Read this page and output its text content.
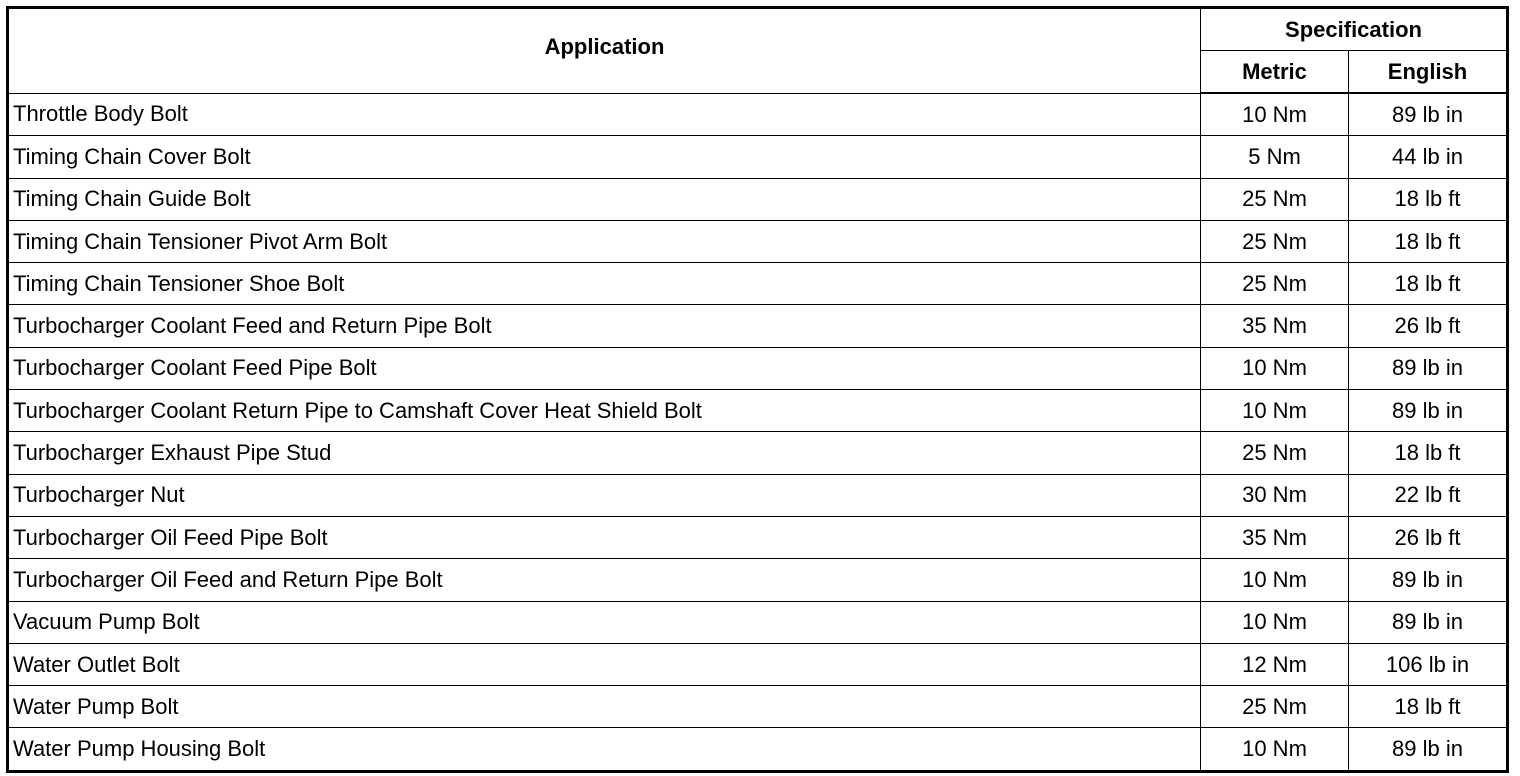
Application	Specification	
	Metric	English
Throttle Body Bolt	10 Nm	89 lb in
Timing Chain Cover Bolt	5 Nm	44 lb in
Timing Chain Guide Bolt	25 Nm	18 lb ft
Timing Chain Tensioner Pivot Arm Bolt	25 Nm	18 lb ft
Timing Chain Tensioner Shoe Bolt	25 Nm	18 lb ft
Turbocharger Coolant Feed and Return Pipe Bolt	35 Nm	26 lb ft
Turbocharger Coolant Feed Pipe Bolt	10 Nm	89 lb in
Turbocharger Coolant Return Pipe to Camshaft Cover Heat Shield Bolt	10 Nm	89 lb in
Turbocharger Exhaust Pipe Stud	25 Nm	18 lb ft
Turbocharger Nut	30 Nm	22 lb ft
Turbocharger Oil Feed Pipe Bolt	35 Nm	26 lb ft
Turbocharger Oil Feed and Return Pipe Bolt	10 Nm	89 lb in
Vacuum Pump Bolt	10 Nm	89 lb in
Water Outlet Bolt	12 Nm	106 lb in
Water Pump Bolt	25 Nm	18 lb ft
Water Pump Housing Bolt	10 Nm	89 lb in
